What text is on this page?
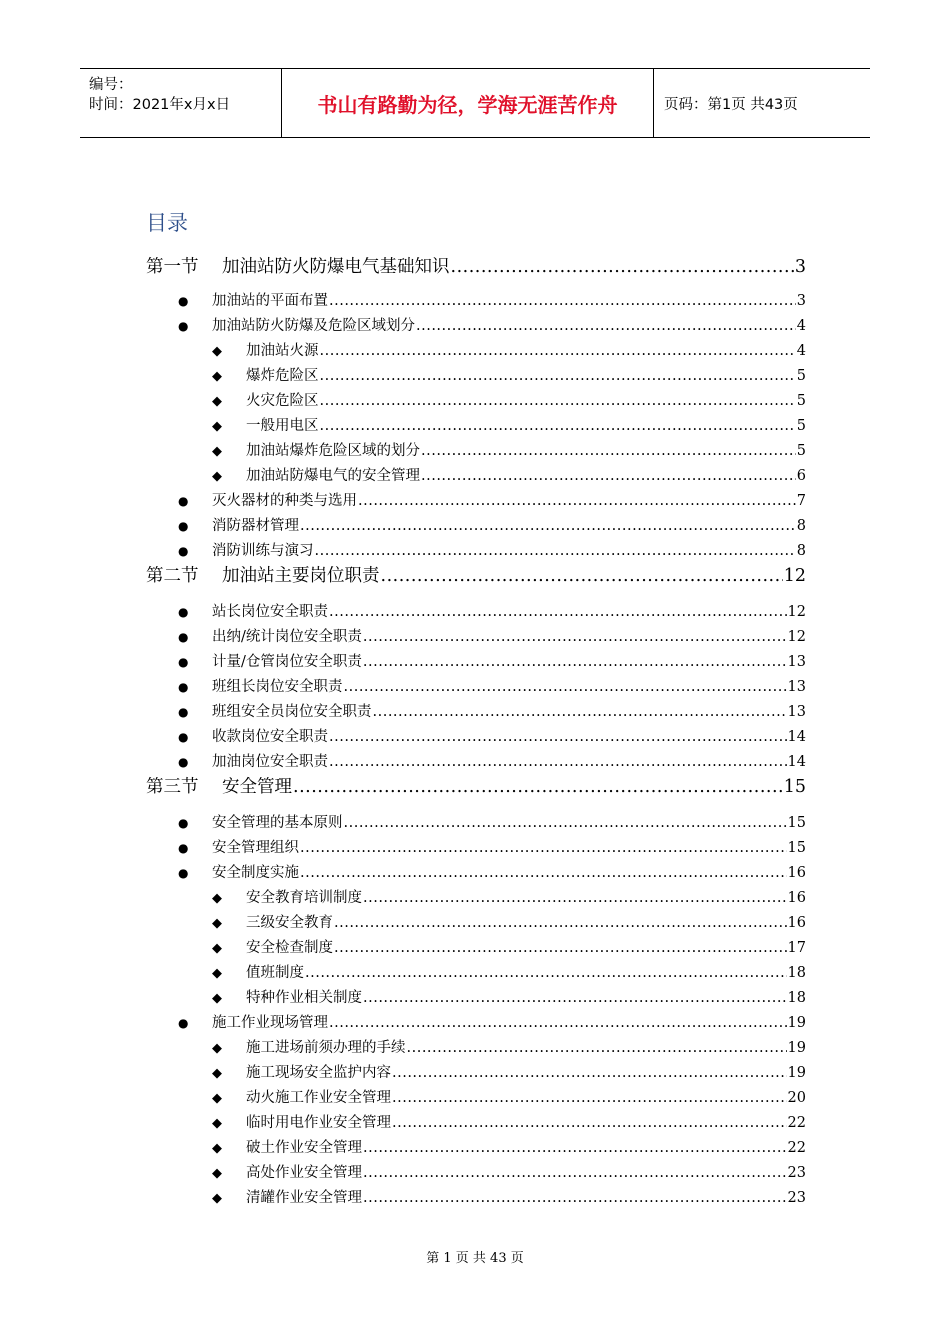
编号：
时间：2021年x月x日	书山有路勤为径，学海无涯苦作舟	页码：第1页 共43页
目录
第一节 加油站防火防爆电气基础知识 .....	3
● 加油站的平面布置 .....	3
● 加油站防火防爆及危险区域划分 .....	4
◆ 加油站火源 .....	4
◆ 爆炸危险区 .....	5
◆ 火灾危险区 .....	5
◆ 一般用电区 .....	5
◆ 加油站爆炸危险区域的划分 .....	5
◆ 加油站防爆电气的安全管理 .....	6
● 灭火器材的种类与选用 .....	7
● 消防器材管理 .....	8
● 消防训练与演习 .....	8
第二节 加油站主要岗位职责 .....	12
● 站长岗位安全职责 .....	12
● 出纳/统计岗位安全职责 .....	12
● 计量/仓管岗位安全职责 .....	13
● 班组长岗位安全职责 .....	13
● 班组安全员岗位安全职责 .....	13
● 收款岗位安全职责 .....	14
● 加油岗位安全职责 .....	14
第三节 安全管理 .....	15
● 安全管理的基本原则 .....	15
● 安全管理组织 .....	15
● 安全制度实施 .....	16
◆ 安全教育培训制度 .....	16
◆ 三级安全教育 .....	16
◆ 安全检查制度 .....	17
◆ 值班制度 .....	18
◆ 特种作业相关制度 .....	18
● 施工作业现场管理 .....	19
◆ 施工进场前须办理的手续 .....	19
◆ 施工现场安全监护内容 .....	19
◆ 动火施工作业安全管理 .....	20
◆ 临时用电作业安全管理 .....	22
◆ 破土作业安全管理 .....	22
◆ 高处作业安全管理 .....	23
◆ 清罐作业安全管理 .....	23
第 1 页 共 43 页
